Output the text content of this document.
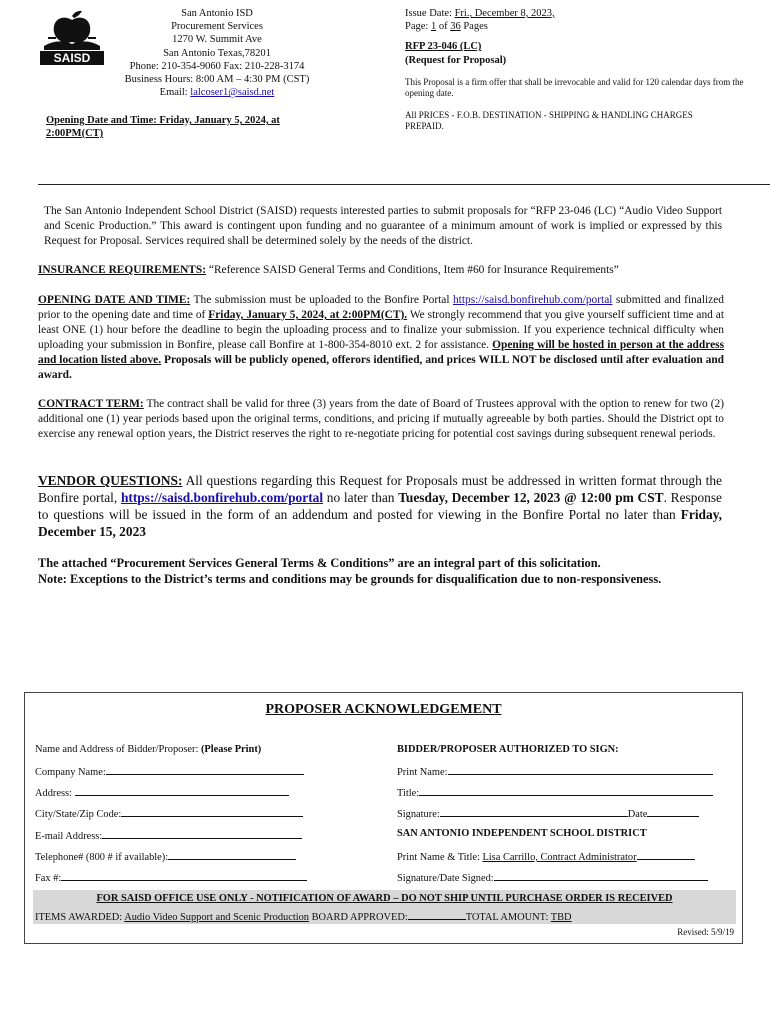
SAISD
San Antonio ISD
Procurement Services
1270 W. Summit Ave
San Antonio Texas,78201
Phone: 210-354-9060 Fax: 210-228-3174
Business Hours: 8:00 AM – 4:30 PM (CST)
Email: lalcoser1@saisd.net
Opening Date and Time: Friday, January 5, 2024, at 2:00PM(CT)
Issue Date: Fri., December 8, 2023,
Page: 1 of 36 Pages
RFP 23-046 (LC)
(Request for Proposal)
This Proposal is a firm offer that shall be irrevocable and valid for 120 calendar days from the opening date.
All PRICES - F.O.B. DESTINATION - SHIPPING & HANDLING CHARGES PREPAID.
The San Antonio Independent School District (SAISD) requests interested parties to submit proposals for “RFP 23-046 (LC) “Audio Video Support and Scenic Production.” This award is contingent upon funding and no guarantee of a minimum amount of work is implied or expressed by this Request for Proposal. Services required shall be determined solely by the needs of the district.
INSURANCE REQUIREMENTS: “Reference SAISD General Terms and Conditions, Item #60 for Insurance Requirements”
OPENING DATE AND TIME: The submission must be uploaded to the Bonfire Portal https://saisd.bonfirehub.com/portal submitted and finalized prior to the opening date and time of Friday, January 5, 2024, at 2:00PM(CT). We strongly recommend that you give yourself sufficient time and at least ONE (1) hour before the deadline to begin the uploading process and to finalize your submission. If you experience technical difficulty when uploading your submission in Bonfire, please call Bonfire at 1-800-354-8010 ext. 2 for assistance. Opening will be hosted in person at the address and location listed above. Proposals will be publicly opened, offerors identified, and prices WILL NOT be disclosed until after evaluation and award.
CONTRACT TERM: The contract shall be valid for three (3) years from the date of Board of Trustees approval with the option to renew for two (2) additional one (1) year periods based upon the original terms, conditions, and pricing if mutually agreeable by both parties. Should the District opt to exercise any renewal option years, the District reserves the right to re-negotiate pricing for potential cost savings during subsequent renewal periods.
VENDOR QUESTIONS: All questions regarding this Request for Proposals must be addressed in written format through the Bonfire portal, https://saisd.bonfirehub.com/portal no later than Tuesday, December 12, 2023 @ 12:00 pm CST. Response to questions will be issued in the form of an addendum and posted for viewing in the Bonfire Portal no later than Friday, December 15, 2023
The attached “Procurement Services General Terms & Conditions” are an integral part of this solicitation.
Note: Exceptions to the District’s terms and conditions may be grounds for disqualification due to non-responsiveness.
PROPOSER ACKNOWLEDGEMENT
Name and Address of Bidder/Proposer: (Please Print)
Company Name:
Address:
City/State/Zip Code:
E-mail Address:
Telephone# (800 # if available):
Fax #:
BIDDER/PROPOSER AUTHORIZED TO SIGN:
Print Name:
Title:
Signature:	Date
SAN ANTONIO INDEPENDENT SCHOOL DISTRICT
Print Name & Title: Lisa Carrillo, Contract Administrator
Signature/Date Signed:
FOR SAISD OFFICE USE ONLY - NOTIFICATION OF AWARD – DO NOT SHIP UNTIL PURCHASE ORDER IS RECEIVED
ITEMS AWARDED: Audio Video Support and Scenic Production BOARD APPROVED:	TOTAL AMOUNT: TBD
Revised: 5/9/19
